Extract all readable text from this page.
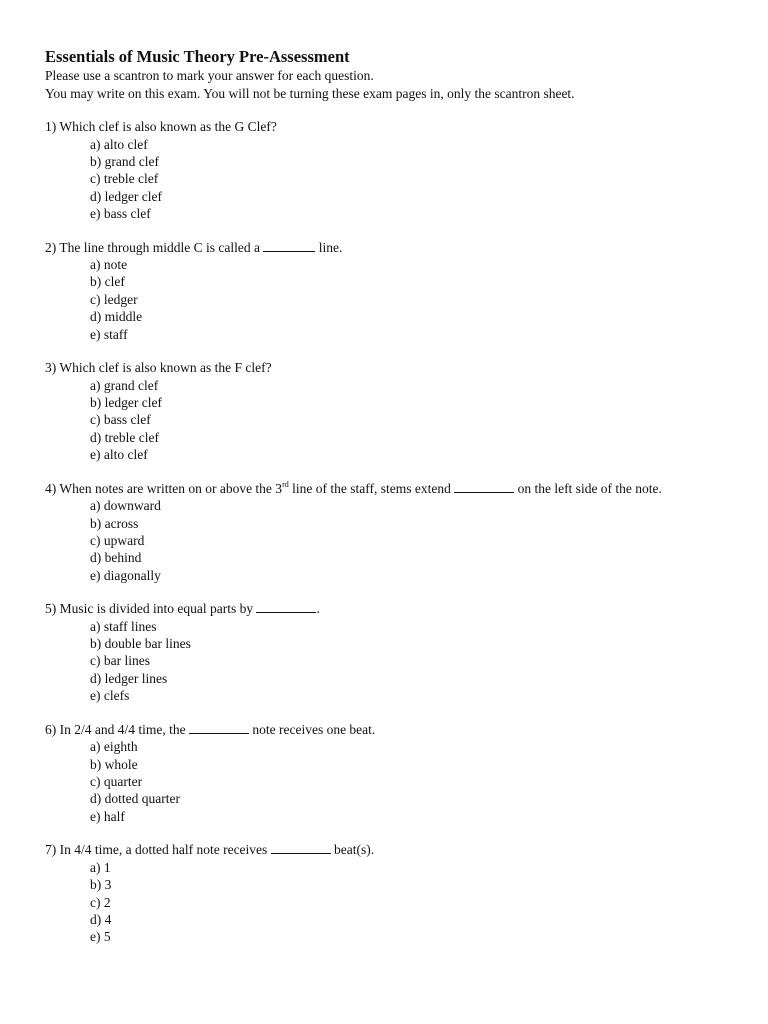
Essentials of Music Theory Pre-Assessment

Please use a scantron to mark your answer for each question.

You may write on this exam. You will not be turning these exam pages in, only the scantron sheet.

1) Which clef is also known as the G Clef?

a) alto clef
b) grand clef
c) treble clef
d) ledger clef
e) bass clef

2) The line through middle C is called a	line.

a) note
b) clef
c) ledger
d) middle
e) staff

3) Which clef is also known as the F clef?

a) grand clef
b) ledger clef
c) bass clef
d) treble clef
e) alto clef

4) When notes are written on or above the 3rd line of the staff, stems extend	on the left side of the note.

a) downward
b) across
c) upward
d) behind
e) diagonally

5) Music is divided into equal parts by	.

a) staff lines
b) double bar lines
c) bar lines
d) ledger lines
e) clefs

6) In 2/4 and 4/4 time, the	note receives one beat.

a) eighth
b) whole
c) quarter
d) dotted quarter
e) half

7) In 4/4 time, a dotted half note receives	beat(s).

a) 1
b) 3
c) 2
d) 4
e) 5
